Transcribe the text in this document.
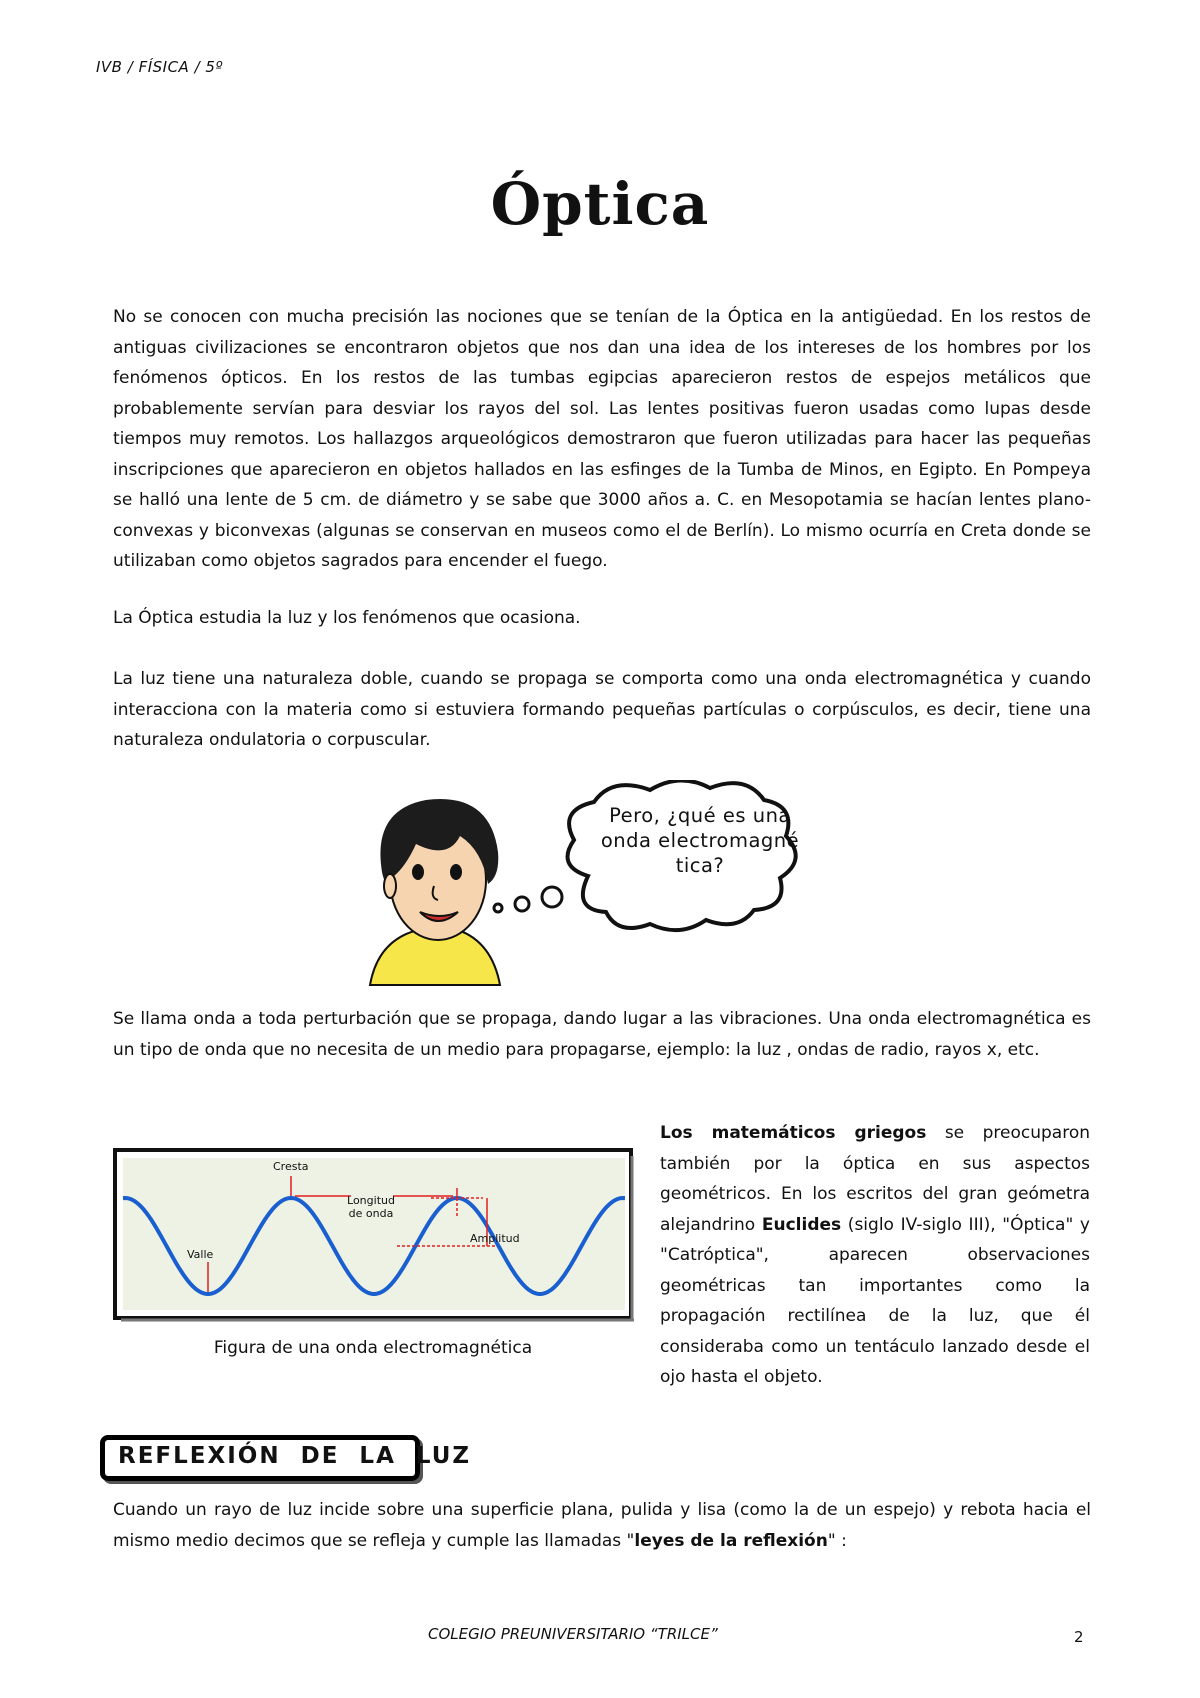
IVB / FÍSICA / 5º
Óptica

No se conocen con mucha precisión las nociones que se tenían de la Óptica en la antigüedad. En los restos de antiguas civilizaciones se encontraron objetos que nos dan una idea de los intereses de los hombres por los fenómenos ópticos. En los restos de las tumbas egipcias aparecieron restos de espejos metálicos que probablemente servían para desviar los rayos del sol. Las lentes positivas fueron usadas como lupas desde tiempos muy remotos. Los hallazgos arqueológicos demostraron que fueron utilizadas para hacer las pequeñas inscripciones que aparecieron en objetos hallados en las esfinges de la Tumba de Minos, en Egipto. En Pompeya se halló una lente de 5 cm. de diámetro y se sabe que 3000 años a. C. en Mesopotamia se hacían lentes plano-convexas y biconvexas (algunas se conservan en museos como el de Berlín). Lo mismo ocurría en Creta donde se utilizaban como objetos sagrados para encender el fuego.

La Óptica estudia la luz y los fenómenos que ocasiona.

La luz tiene una naturaleza doble, cuando se propaga se comporta como una onda electromagnética y cuando interacciona con la materia como si estuviera formando pequeñas partículas o corpúsculos, es decir, tiene una naturaleza ondulatoria o corpuscular.

Pero, ¿qué es una onda electromagnética?

Se llama onda a toda perturbación que se propaga, dando lugar a las vibraciones. Una onda electromagnética es un tipo de onda que no necesita de un medio para propagarse, ejemplo: la luz , ondas de radio, rayos x, etc.

Cresta
Valle
Longitud
de onda
Amplitud
Figura de una onda electromagnética

Los matemáticos griegos se preocuparon también por la óptica en sus aspectos geométricos. En los escritos del gran geómetra alejandrino Euclides (siglo IV-siglo III), "Óptica" y "Catróptica", aparecen observaciones geométricas tan importantes como la propagación rectilínea de la luz, que él consideraba como un tentáculo lanzado desde el ojo hasta el objeto.

REFLEXIÓN  DE  LA  LUZ

Cuando un rayo de luz incide sobre una superficie plana, pulida y lisa (como la de un espejo) y rebota hacia el mismo medio decimos que se refleja y cumple las llamadas "leyes de la reflexión" :

COLEGIO PREUNIVERSITARIO “TRILCE”	2
